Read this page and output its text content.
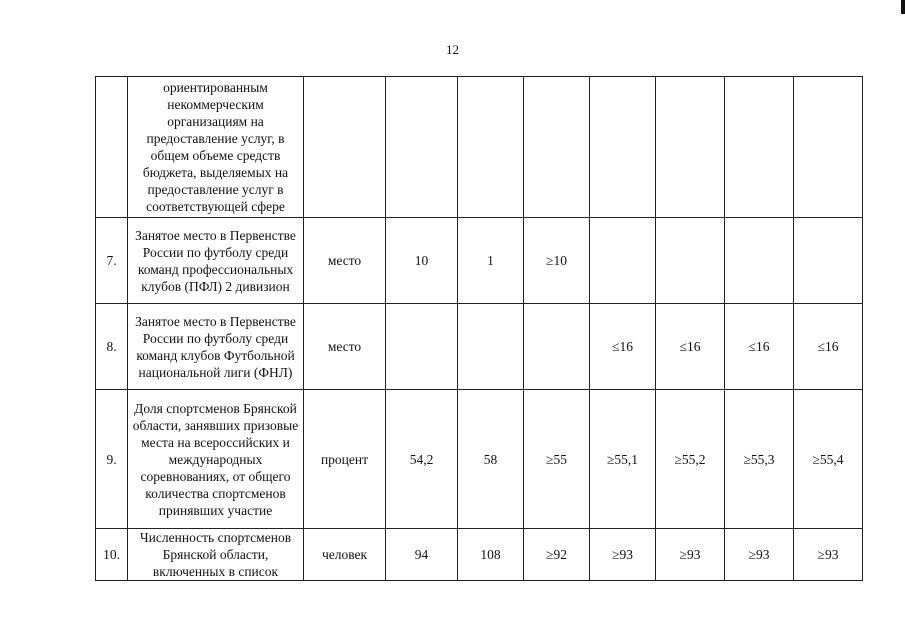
12
	ориентированным некоммерческим организациям на предоставление услуг, в общем объеме средств бюджета, выделяемых на предоставление услуг в соответствующей сфере								
7.	Занятое место в Первенстве России по футболу среди команд профессиональных клубов (ПФЛ) 2 дивизион	место	10	1	≥10				
8.	Занятое место в Первенстве России по футболу среди команд клубов Футбольной национальной лиги (ФНЛ)	место				≤16	≤16	≤16	≤16
9.	Доля спортсменов Брянской области, занявших призовые места на всероссийских и международных соревнованиях, от общего количества спортсменов принявших участие	процент	54,2	58	≥55	≥55,1	≥55,2	≥55,3	≥55,4
10.	Численность спортсменов Брянской области, включенных в список	человек	94	108	≥92	≥93	≥93	≥93	≥93
